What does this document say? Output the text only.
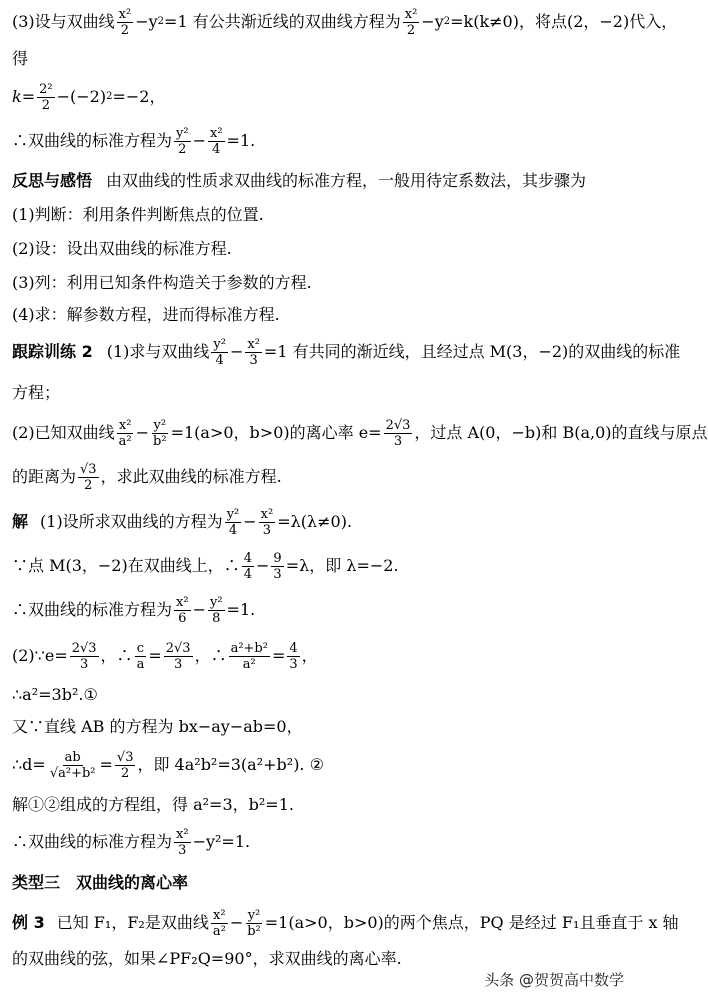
(3)设与双曲线 $\frac{\text{x²}}{2} -y$ 2 =1 有公共渐近线的双曲线方程为 $\frac{\text{x²}}{2} -y$ 2 =k(k≠0)，将点(2，−2)代入，
得
$k= \frac{\text{2²}}{2} -(-2)$ 2 =−2，
∴双曲线的标准方程为 $\frac{\text{y²}}{2} - \frac{\text{x²}}{4} =1$.
反思与感悟 由双曲线的性质求双曲线的标准方程，一般用待定系数法，其步骤为
(1)判断：利用条件判断焦点的位置.
(2)设：设出双曲线的标准方程.
(3)列：利用已知条件构造关于参数的方程.
(4)求：解参数方程，进而得标准方程.
跟踪训练 2 (1)求与双曲线 $\frac{\text{y²}}{4} - \frac{\text{x²}}{3} =1$ 有共同的渐近线，且经过点 M(3，−2)的双曲线的标准
方程；
(2)已知双曲线 $\frac{\text{x²}}{\text{a²}} - \frac{\text{y²}}{\text{b²}} =1(a>0$，b>0)的离心率 $e= \frac{2√3}{3}$ ，过点 A(0，−b)和 B(a,0)的直线与原点
的距离为 $\frac{√3}{2}$ ，求此双曲线的标准方程.
解 (1)设所求双曲线的方程为 $\frac{\text{y²}}{4} - \frac{\text{x²}}{3} =\lambda(\lambda\ne 0)$.
∵点 M(3，−2)在双曲线上，∴ $\frac{4}{4} - \frac{9}{3} =\lambda$，即 λ=−2.
∴双曲线的标准方程为 $\frac{\text{x²}}{6} - \frac{\text{y²}}{8} =1$.
(2)∵e= $\frac{2√3}{3}$ ，∴ $\frac{c}{a} = \frac{2√3}{3}$ ，∴ $\frac{\text{a²+b²}}{\text{a²}} = \frac{4}{3}$ ，
∴a²=3b².①
又∵直线 AB 的方程为 bx−ay−ab=0，
∴d= $\frac{ab}{\text{√a²+b²}} = \frac{√3}{2}$ ，即 4a²b²=3(a²+b²). ②
解①②组成的方程组，得 a²=3，b²=1.
∴双曲线的标准方程为 $\frac{\text{x²}}{3} -y^2=1$.
类型三　双曲线的离心率
例 3 已知 F₁，F₂是双曲线 $\frac{\text{x²}}{\text{a²}} - \frac{\text{y²}}{\text{b²}} =1(a>0$，b>0)的两个焦点，PQ 是经过 F₁且垂直于 x 轴
的双曲线的弦，如果∠PF₂Q=90°，求双曲线的离心率.
头条 @贺贺高中数学
